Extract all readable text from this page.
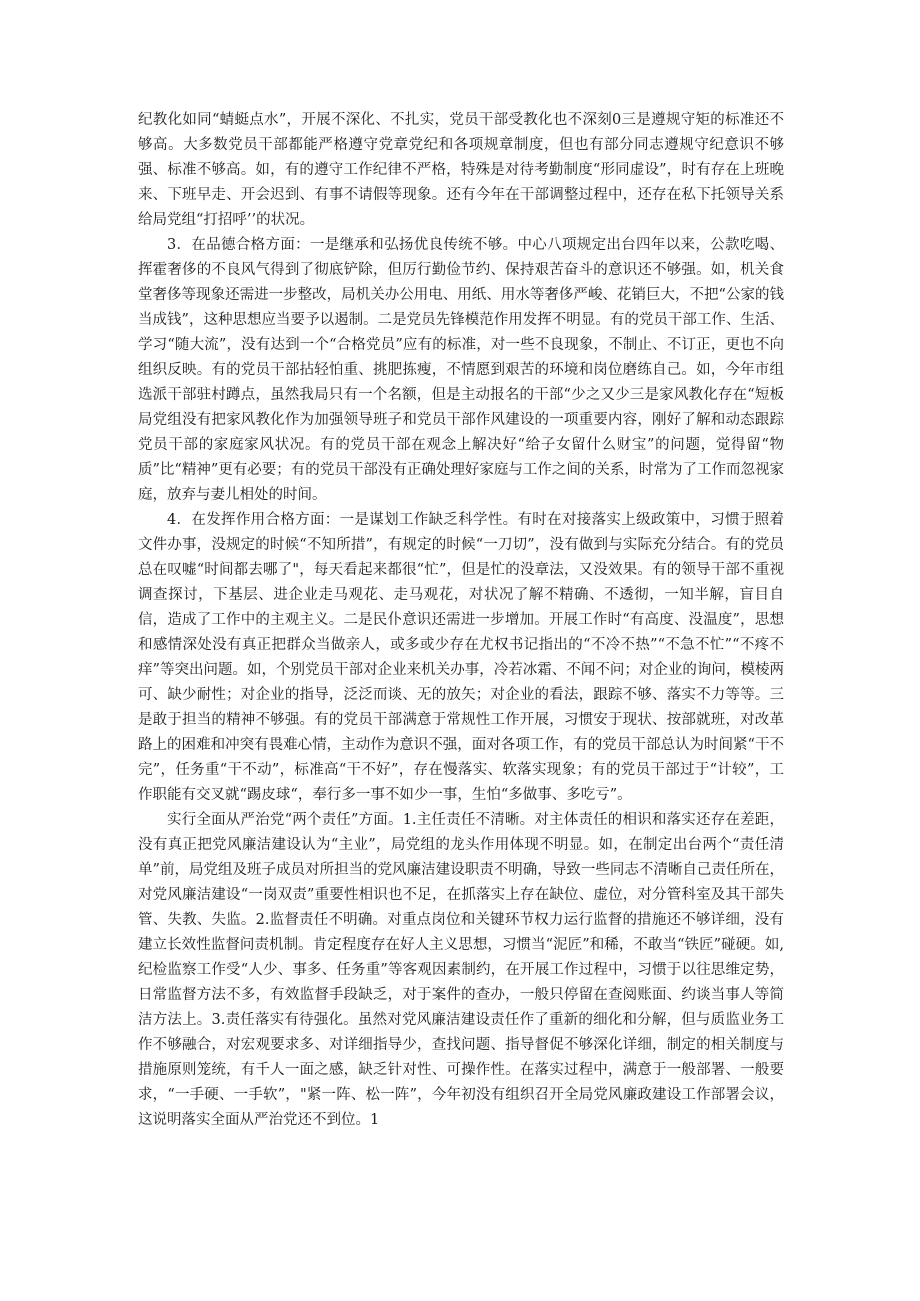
纪教化如同“蜻蜓点水”，开展不深化、不扎实，党员干部受教化也不深刻0三是遵规守矩的标准还不够高。大多数党员干部都能严格遵守党章党纪和各项规章制度，但也有部分同志遵规守纪意识不够强、标准不够高。如，有的遵守工作纪律不严格，特殊是对待考勤制度“形同虚设”，时有存在上班晚来、下班早走、开会迟到、有事不请假等现象。还有今年在干部调整过程中，还存在私下托领导关系给局党组“打招呼’’的状况。

3．在品德合格方面：一是继承和弘扬优良传统不够。中心八项规定出台四年以来，公款吃喝、挥霍奢侈的不良风气得到了彻底铲除，但厉行勤俭节约、保持艰苦奋斗的意识还不够强。如，机关食堂奢侈等现象还需进一步整改，局机关办公用电、用纸、用水等奢侈严峻、花销巨大，不把“公家的钱当成钱”，这种思想应当要予以遏制。二是党员先锋模范作用发挥不明显。有的党员干部工作、生活、学习“随大流”，没有达到一个“合格党员”应有的标准，对一些不良现象，不制止、不订正，更也不向组织反映。有的党员干部拈轻怕重、挑肥拣瘦，不情愿到艰苦的环境和岗位磨练自己。如，今年市组选派干部驻村蹲点，虽然我局只有一个名额，但是主动报名的干部“少之又少三是家风教化存在“短板局党组没有把家风教化作为加强领导班子和党员干部作风建设的一项重要内容，刚好了解和动态跟踪党员干部的家庭家风状况。有的党员干部在观念上解决好“给子女留什么财宝”的问题，觉得留“物质”比“精神”更有必要；有的党员干部没有正确处理好家庭与工作之间的关系，时常为了工作而忽视家庭，放弃与妻儿相处的时间。

4．在发挥作用合格方面：一是谋划工作缺乏科学性。有时在对接落实上级政策中，习惯于照着文件办事，没规定的时候“不知所措”，有规定的时候“一刀切”，没有做到与实际充分结合。有的党员总在叹嘘“时间都去哪了"，每天看起来都很“忙”，但是忙的没章法，又没效果。有的领导干部不重视调查探讨，下基层、进企业走马观花、走马观花，对状况了解不精确、不透彻，一知半解，盲目自信，造成了工作中的主观主义。二是民仆意识还需进一步增加。开展工作时“有高度、没温度”，思想和感情深处没有真正把群众当做亲人，或多或少存在尤权书记指出的“不冷不热”“不急不忙”“不疼不痒”等突出问题。如，个别党员干部对企业来机关办事，冷若冰霜、不闻不问；对企业的询问，模棱两可、缺少耐性；对企业的指导，泛泛而谈、无的放矢；对企业的看法，跟踪不够、落实不力等等。三是敢于担当的精神不够强。有的党员干部满意于常规性工作开展，习惯安于现状、按部就班，对改革路上的困难和冲突有畏难心情，主动作为意识不强，面对各项工作，有的党员干部总认为时间紧“干不完”，任务重“干不动”，标准高“干不好”，存在慢落实、软落实现象；有的党员干部过于“计较”，工作职能有交叉就“踢皮球“，奉行多一事不如少一事，生怕“多做事、多吃亏”。

实行全面从严治党“两个责任”方面。1.主任责任不清晰。对主体责任的相识和落实还存在差距，没有真正把党风廉洁建设认为“主业”，局党组的龙头作用体现不明显。如，在制定出台两个“责任清单”前，局党组及班子成员对所担当的党风廉洁建设职责不明确，导致一些同志不清晰自己责任所在，对党风廉洁建设“一岗双责”重要性相识也不足，在抓落实上存在缺位、虚位，对分管科室及其干部失管、失教、失监。2.监督责任不明确。对重点岗位和关键环节权力运行监督的措施还不够详细，没有建立长效性监督问责机制。肯定程度存在好人主义思想，习惯当“泥匠”和稀，不敢当“铁匠”碰硬。如,纪检监察工作受“人少、事多、任务重”等客观因素制约，在开展工作过程中，习惯于以往思维定势，日常监督方法不多，有效监督手段缺乏，对于案件的查办，一般只停留在查阅账面、约谈当事人等简洁方法上。3.责任落实有待强化。虽然对党风廉洁建设责任作了重新的细化和分解，但与质监业务工作不够融合，对宏观要求多、对详细指导少，查找问题、指导督促不够深化详细，制定的相关制度与措施原则笼统，有千人一面之感，缺乏针对性、可操作性。在落实过程中，满意于一般部署、一般要求，“一手硬、一手软”，"紧一阵、松一阵”，今年初没有组织召开全局党风廉政建设工作部署会议，这说明落实全面从严治党还不到位。1
